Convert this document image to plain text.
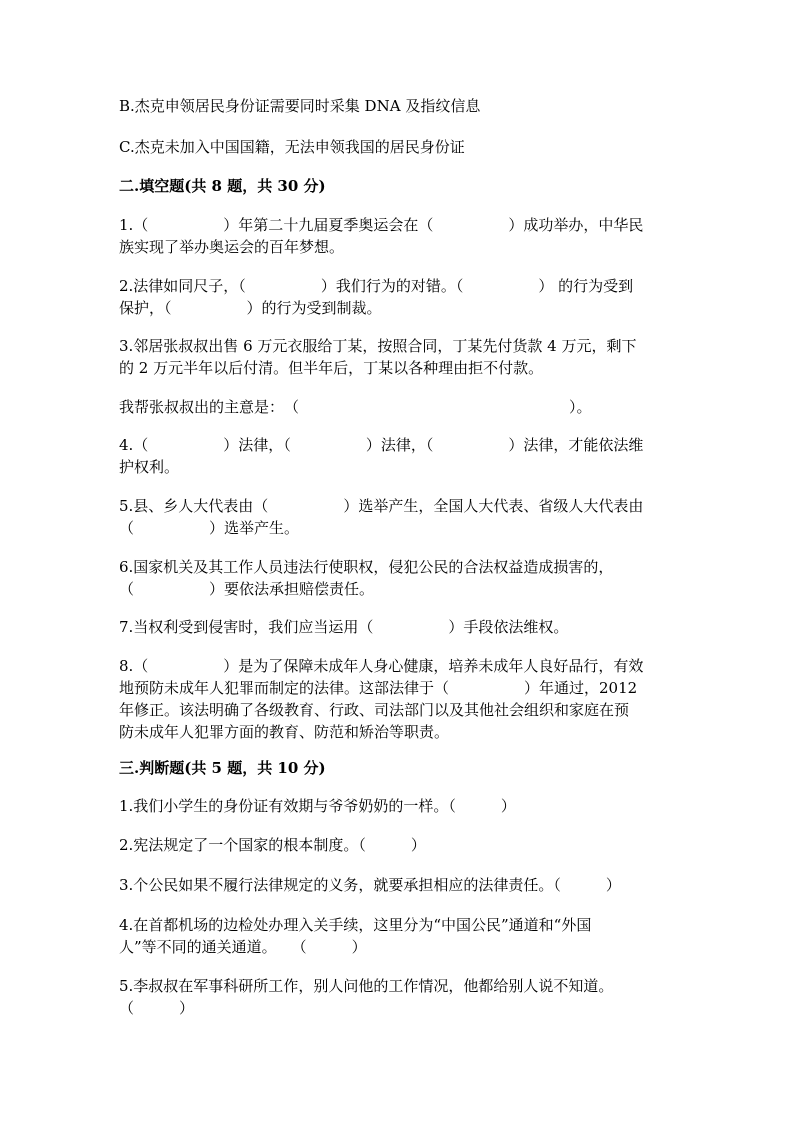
B.杰克申领居民身份证需要同时采集 DNA 及指纹信息
C.杰克未加入中国国籍，无法申领我国的居民身份证
二.填空题(共 8 题，共 30 分)
1.（　　　　　）年第二十九届夏季奥运会在（　　　　　）成功举办，中华民
族实现了举办奥运会的百年梦想。
2.法律如同尺子，（　　　　　）我们行为的对错。（　　　　　） 的行为受到
保护，（　　　　　）的行为受到制裁。
3.邻居张叔叔出售 6 万元衣服给丁某，按照合同，丁某先付货款 4 万元，剩下
的 2 万元半年以后付清。但半年后，丁某以各种理由拒不付款。
我帮张叔叔出的主意是：　（　　　　　　　　　　　　　　　　　　）。
4.（　　　　　）法律，（　　　　　）法律，（　　　　　）法律，才能依法维
护权利。
5.县、乡人大代表由（　　　　　）选举产生，全国人大代表、省级人大代表由
（　　　　　）选举产生。
6.国家机关及其工作人员违法行使职权，侵犯公民的合法权益造成损害的，
（　　　　　）要依法承担赔偿责任。
7.当权利受到侵害时，我们应当运用（　　　　　）手段依法维权。
8.（　　　　　）是为了保障未成年人身心健康，培养未成年人良好品行，有效
地预防未成年人犯罪而制定的法律。这部法律于（　　　　　）年通过，2012
年修正。该法明确了各级教育、行政、司法部门以及其他社会组织和家庭在预
防未成年人犯罪方面的教育、防范和矫治等职责。
三.判断题(共 5 题，共 10 分)
1.我们小学生的身份证有效期与爷爷奶奶的一样。（　　　）
2.宪法规定了一个国家的根本制度。（　　　）
3.个公民如果不履行法律规定的义务，就要承担相应的法律责任。（　　　）
4.在首都机场的边检处办理入关手续，这里分为“中国公民”通道和“外国
人”等不同的通关通道。　　（　　　）
5.李叔叔在军事科研所工作，别人问他的工作情况，他都给别人说不知道。
（　　　）
